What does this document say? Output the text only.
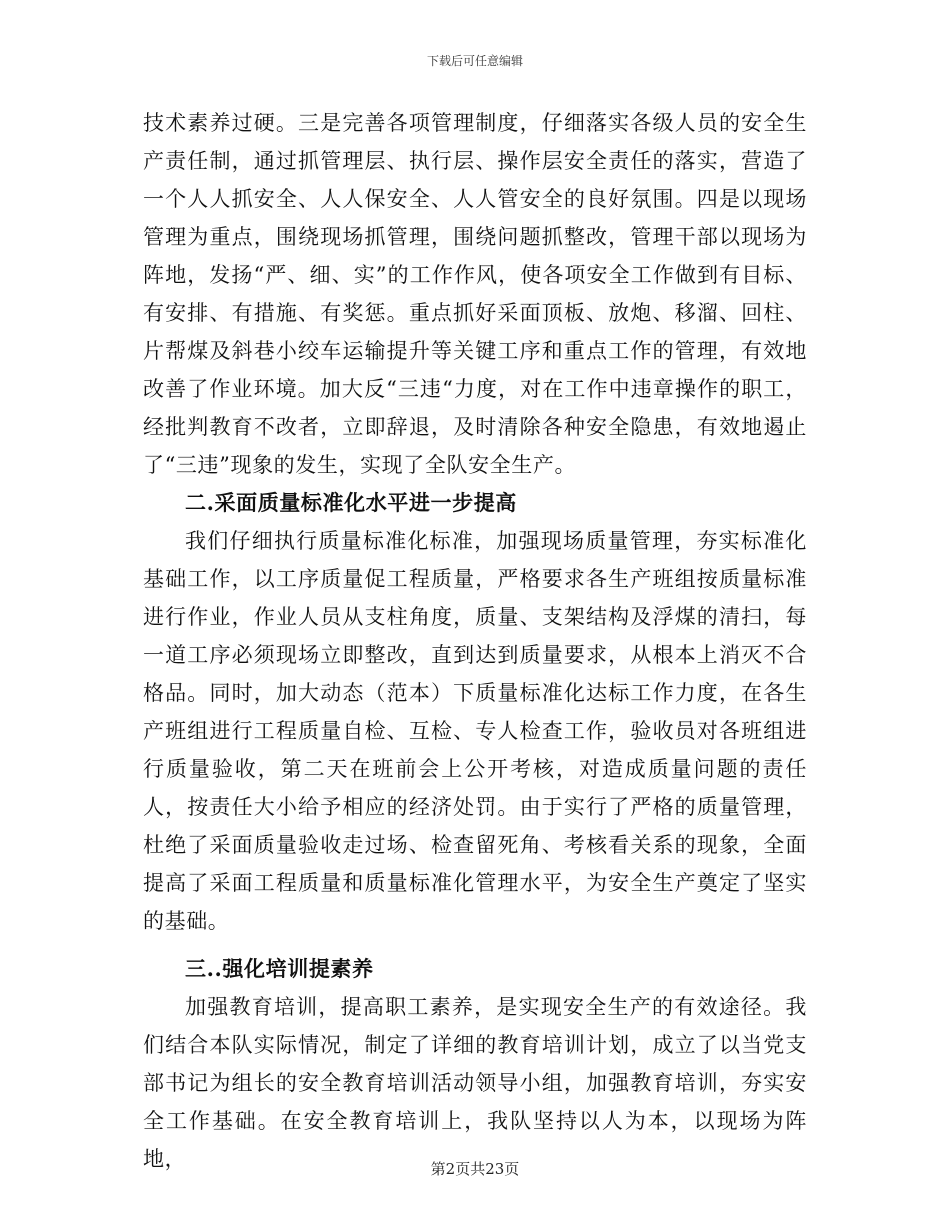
下载后可任意编辑

技术素养过硬。三是完善各项管理制度，仔细落实各级人员的安全生产责任制，通过抓管理层、执行层、操作层安全责任的落实，营造了一个人人抓安全、人人保安全、人人管安全的良好氛围。四是以现场管理为重点，围绕现场抓管理，围绕问题抓整改，管理干部以现场为阵地，发扬“严、细、实”的工作作风，使各项安全工作做到有目标、有安排、有措施、有奖惩。重点抓好采面顶板、放炮、移溜、回柱、片帮煤及斜巷小绞车运输提升等关键工序和重点工作的管理，有效地改善了作业环境。加大反“三违“力度，对在工作中违章操作的职工，经批判教育不改者，立即辞退，及时清除各种安全隐患，有效地遏止了“三违”现象的发生，实现了全队安全生产。

二.采面质量标准化水平进一步提高

我们仔细执行质量标准化标准，加强现场质量管理，夯实标准化基础工作，以工序质量促工程质量，严格要求各生产班组按质量标准进行作业，作业人员从支柱角度，质量、支架结构及浮煤的清扫，每一道工序必须现场立即整改，直到达到质量要求，从根本上消灭不合格品。同时，加大动态（范本）下质量标准化达标工作力度，在各生产班组进行工程质量自检、互检、专人检查工作，验收员对各班组进行质量验收，第二天在班前会上公开考核，对造成质量问题的责任人，按责任大小给予相应的经济处罚。由于实行了严格的质量管理，杜绝了采面质量验收走过场、检查留死角、考核看关系的现象，全面提高了采面工程质量和质量标准化管理水平，为安全生产奠定了坚实的基础。

三..强化培训提素养

加强教育培训，提高职工素养，是实现安全生产的有效途径。我们结合本队实际情况，制定了详细的教育培训计划，成立了以当党支部书记为组长的安全教育培训活动领导小组，加强教育培训，夯实安全工作基础。在安全教育培训上，我队坚持以人为本，以现场为阵地，	第2页共23页
